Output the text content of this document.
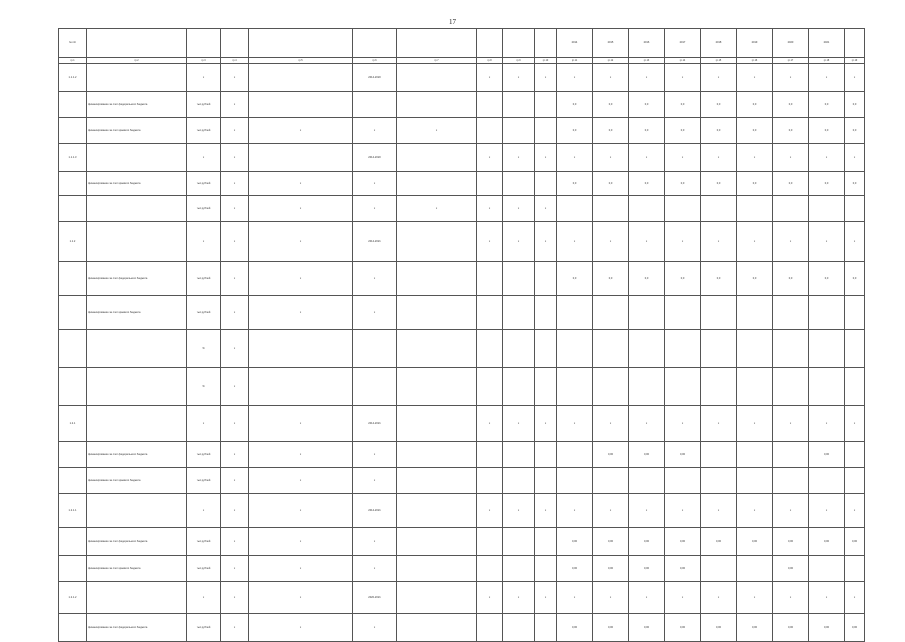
17
№ п/п										2014	2015	2016	2017	2018	2019	2020	2021	
гр.1	гр.2	гр.3	гр.4	гр.5	гр.6	гр.7	гр.8	гр.9	гр.10	гр.11	гр.12	гр.13	гр.14	гр.15	гр.16	гр.17	гр.18	гр.19
1.1.1.2		х	х		2014-2020		х	х	х	х	х	х	х	х	х	х	х	х
	финансирование за счет федерального бюджета	тыс.рублей	х							0,0	0,0	0,0	0,0	0,0	0,0	0,0	0,0	0,0
	финансирование за счет краевого бюджета	тыс.рублей	х	х	х	х				0,0	0,0	0,0	0,0	0,0	0,0	0,0	0,0	0,0
1.1.1.3		х	х		2014-2020		х	х	х	х	х	х	х	х	х	х	х	х
	финансирование за счет краевого бюджета	тыс.рублей	х	х	х					0,0	0,0	0,0	0,0	0,0	0,0	0,0	0,0	0,0
		тыс.рублей	х	х	х	х	х	х	х									
1.1.2		х	х	х	2014-2021		х	х	х	х	х	х	х	х	х	х	х	х
	финансирование за счет федерального бюджета	тыс.рублей	х	х	х					0,0	0,0	0,0	0,0	0,0	0,0	0,0	0,0	0,0
	финансирование за счет краевого бюджета	тыс.рублей	х	х	х													
		%	х															
		%	х															
1.2.1		х	х	х	2014-2021		х	х	х	х	х	х	х	х	х	х	х	х
	финансирование за счет федерального бюджета	тыс.рублей	х	х	х						0,00	0,00	0,00				0,00	
	финансирование за счет краевого бюджета	тыс.рублей	х	х	х													
1.2.1.1		х	х	х	2014-2021		х	х	х	х	х	х	х	х	х	х	х	х
	финансирование за счет федерального бюджета	тыс.рублей	х	х	х					0,00	0,00	0,00	0,00	0,00	0,00	0,00	0,00	0,00
	финансирование за счет краевого бюджета	тыс.рублей	х	х	х					0,00	0,00	0,00	0,00			0,00		
1.2.1.2		х	х	х	2020-2021		х	х	х	х	х	х	х	х	х	х	х	х
	финансирование за счет федерального бюджета	тыс.рублей	х	х	х					0,00	0,00	0,00	0,00	0,00	0,00	0,00	0,00	0,00
